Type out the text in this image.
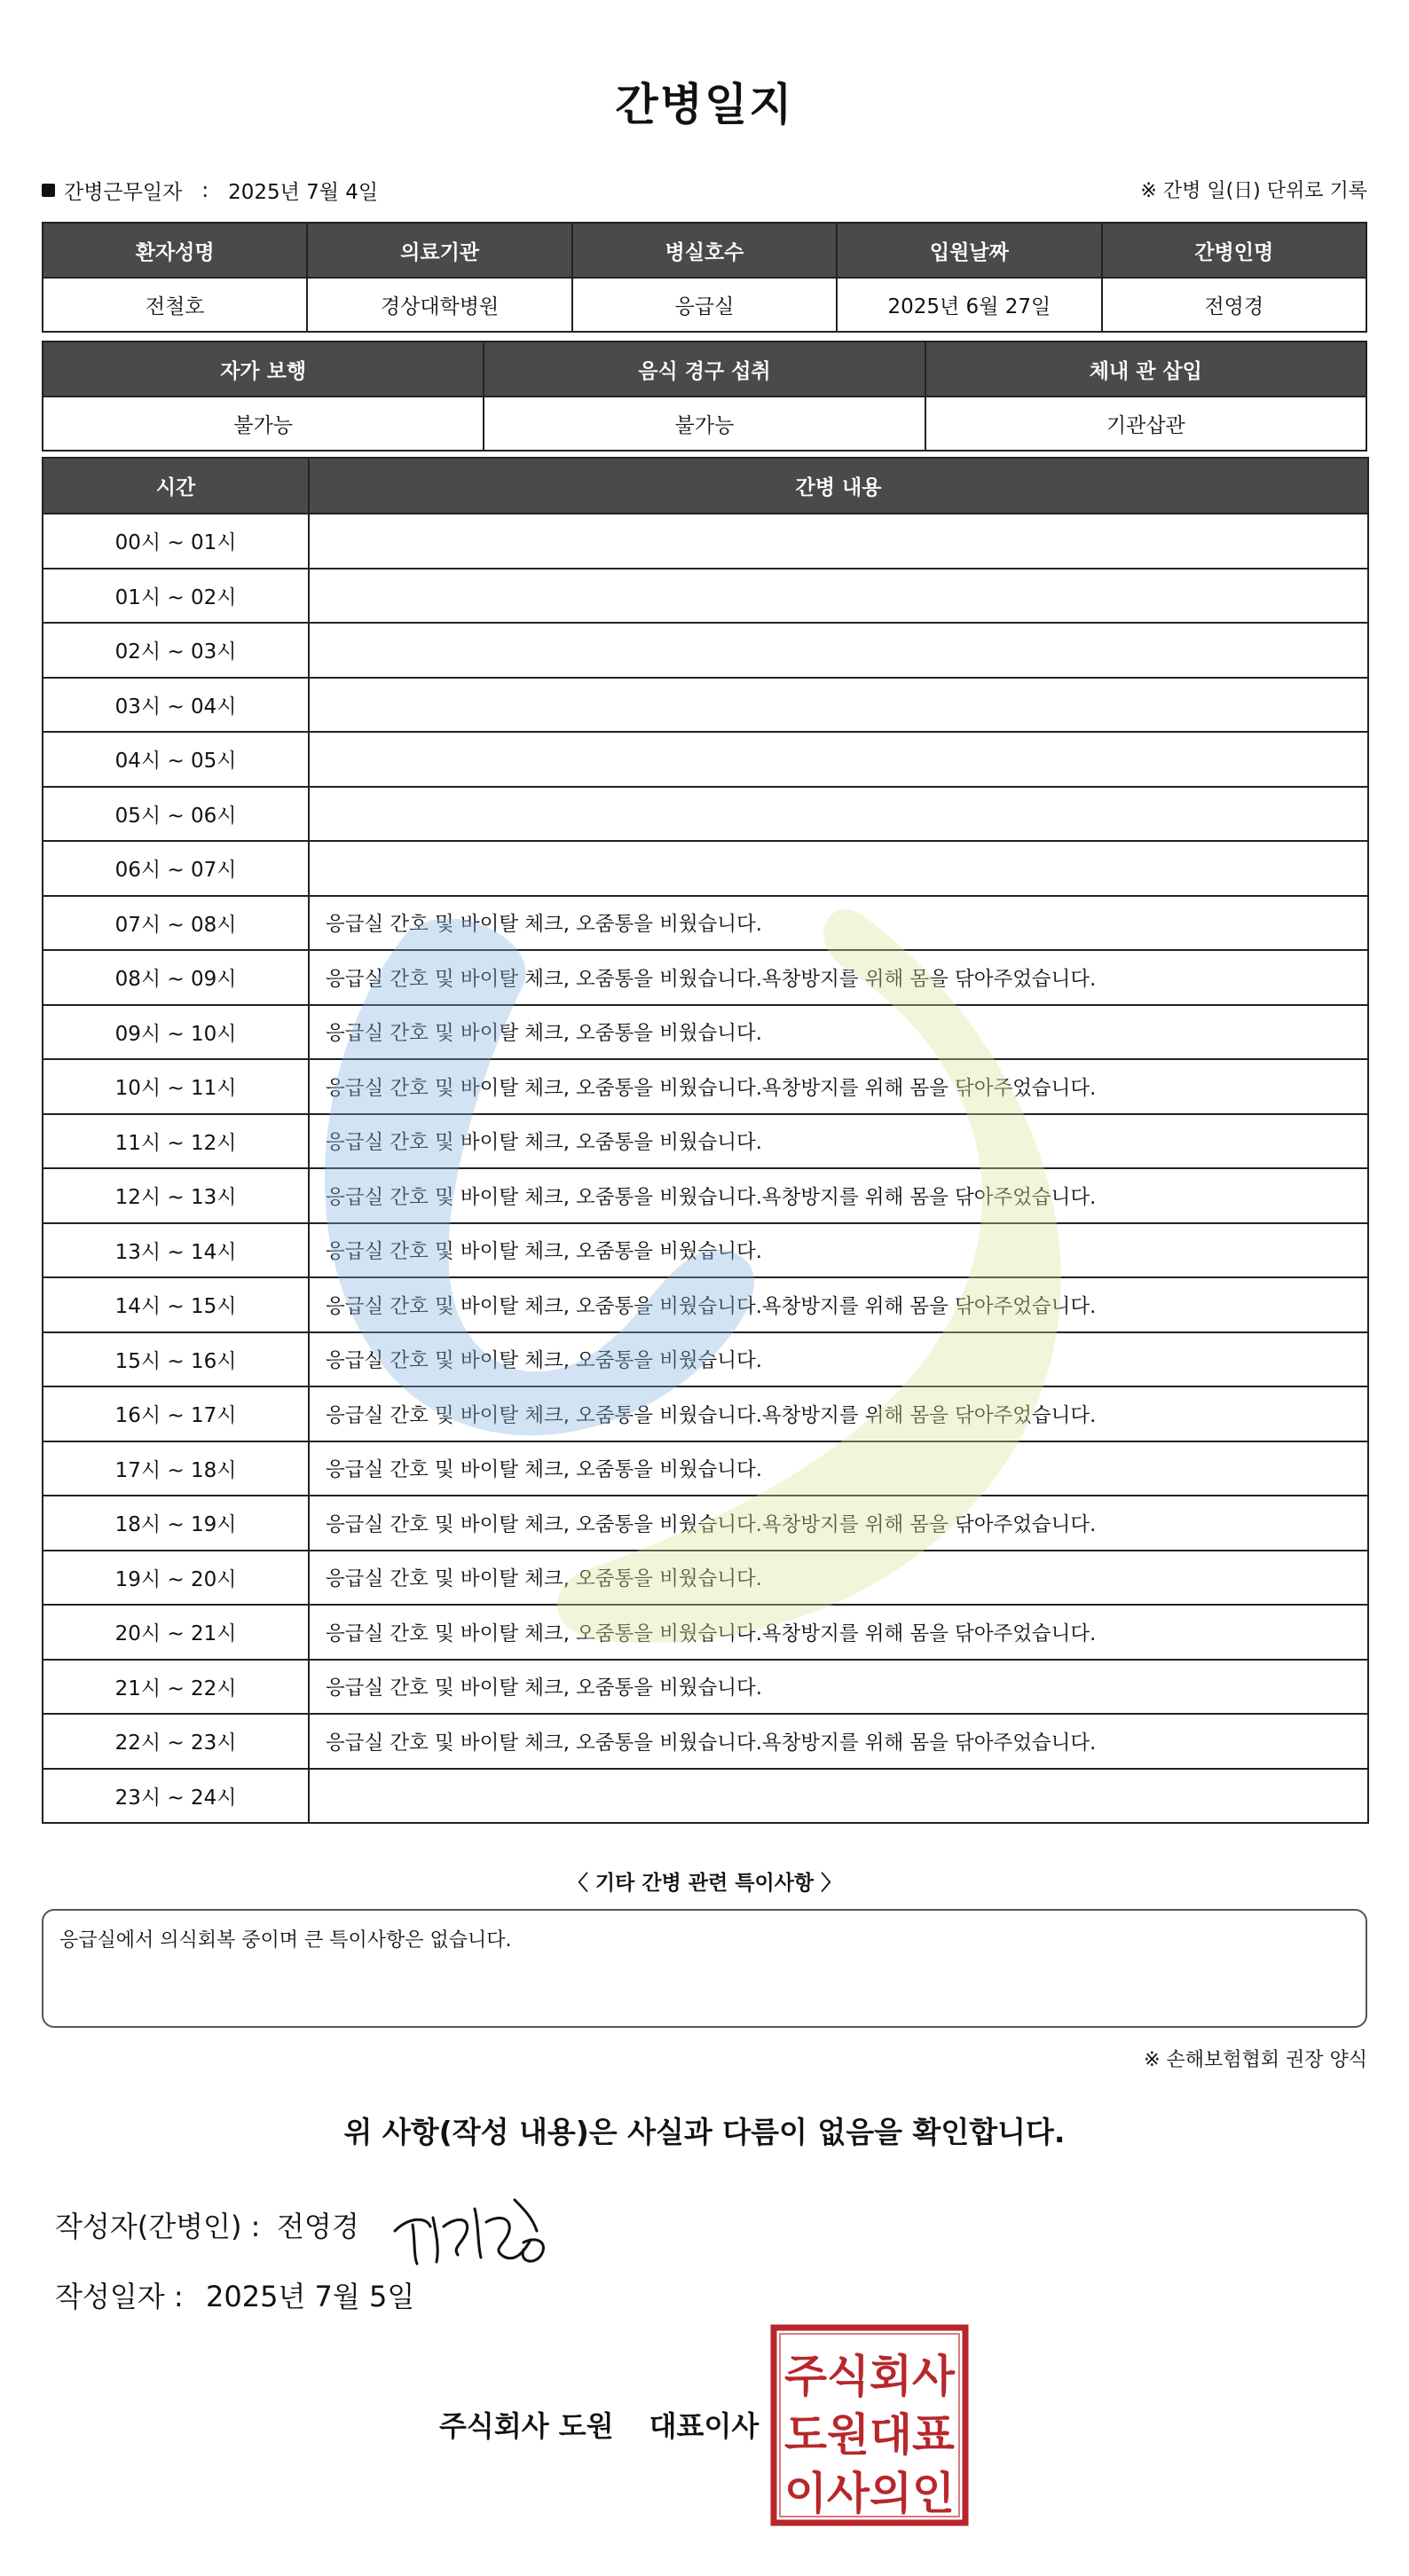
간병일지
간병근무일자 : 2025년 7월 4일	※ 간병 일(日) 단위로 기록
환자성명	의료기관	병실호수	입원날짜	간병인명
전철호	경상대학병원	응급실	2025년 6월 27일	전영경
자가 보행	음식 경구 섭취	체내 관 삽입
불가능	불가능	기관삽관
시간	간병 내용
00시 ~ 01시	
01시 ~ 02시	
02시 ~ 03시	
03시 ~ 04시	
04시 ~ 05시	
05시 ~ 06시	
06시 ~ 07시	
07시 ~ 08시	응급실 간호 및 바이탈 체크, 오줌통을 비웠습니다.
08시 ~ 09시	응급실 간호 및 바이탈 체크, 오줌통을 비웠습니다.욕창방지를 위해 몸을 닦아주었습니다.
09시 ~ 10시	응급실 간호 및 바이탈 체크, 오줌통을 비웠습니다.
10시 ~ 11시	응급실 간호 및 바이탈 체크, 오줌통을 비웠습니다.욕창방지를 위해 몸을 닦아주었습니다.
11시 ~ 12시	응급실 간호 및 바이탈 체크, 오줌통을 비웠습니다.
12시 ~ 13시	응급실 간호 및 바이탈 체크, 오줌통을 비웠습니다.욕창방지를 위해 몸을 닦아주었습니다.
13시 ~ 14시	응급실 간호 및 바이탈 체크, 오줌통을 비웠습니다.
14시 ~ 15시	응급실 간호 및 바이탈 체크, 오줌통을 비웠습니다.욕창방지를 위해 몸을 닦아주었습니다.
15시 ~ 16시	응급실 간호 및 바이탈 체크, 오줌통을 비웠습니다.
16시 ~ 17시	응급실 간호 및 바이탈 체크, 오줌통을 비웠습니다.욕창방지를 위해 몸을 닦아주었습니다.
17시 ~ 18시	응급실 간호 및 바이탈 체크, 오줌통을 비웠습니다.
18시 ~ 19시	응급실 간호 및 바이탈 체크, 오줌통을 비웠습니다.욕창방지를 위해 몸을 닦아주었습니다.
19시 ~ 20시	응급실 간호 및 바이탈 체크, 오줌통을 비웠습니다.
20시 ~ 21시	응급실 간호 및 바이탈 체크, 오줌통을 비웠습니다.욕창방지를 위해 몸을 닦아주었습니다.
21시 ~ 22시	응급실 간호 및 바이탈 체크, 오줌통을 비웠습니다.
22시 ~ 23시	응급실 간호 및 바이탈 체크, 오줌통을 비웠습니다.욕창방지를 위해 몸을 닦아주었습니다.
23시 ~ 24시	
〈 기타 간병 관련 특이사항 〉
응급실에서 의식회복 중이며 큰 특이사항은 없습니다.
※ 손해보험협회 권장 양식
위 사항(작성 내용)은 사실과 다름이 없음을 확인합니다.
작성자(간병인) : 전영경
작성일자 : 2025년 7월 5일
주식회사 도원 대표이사
주식회사
도원대표
이사의인
